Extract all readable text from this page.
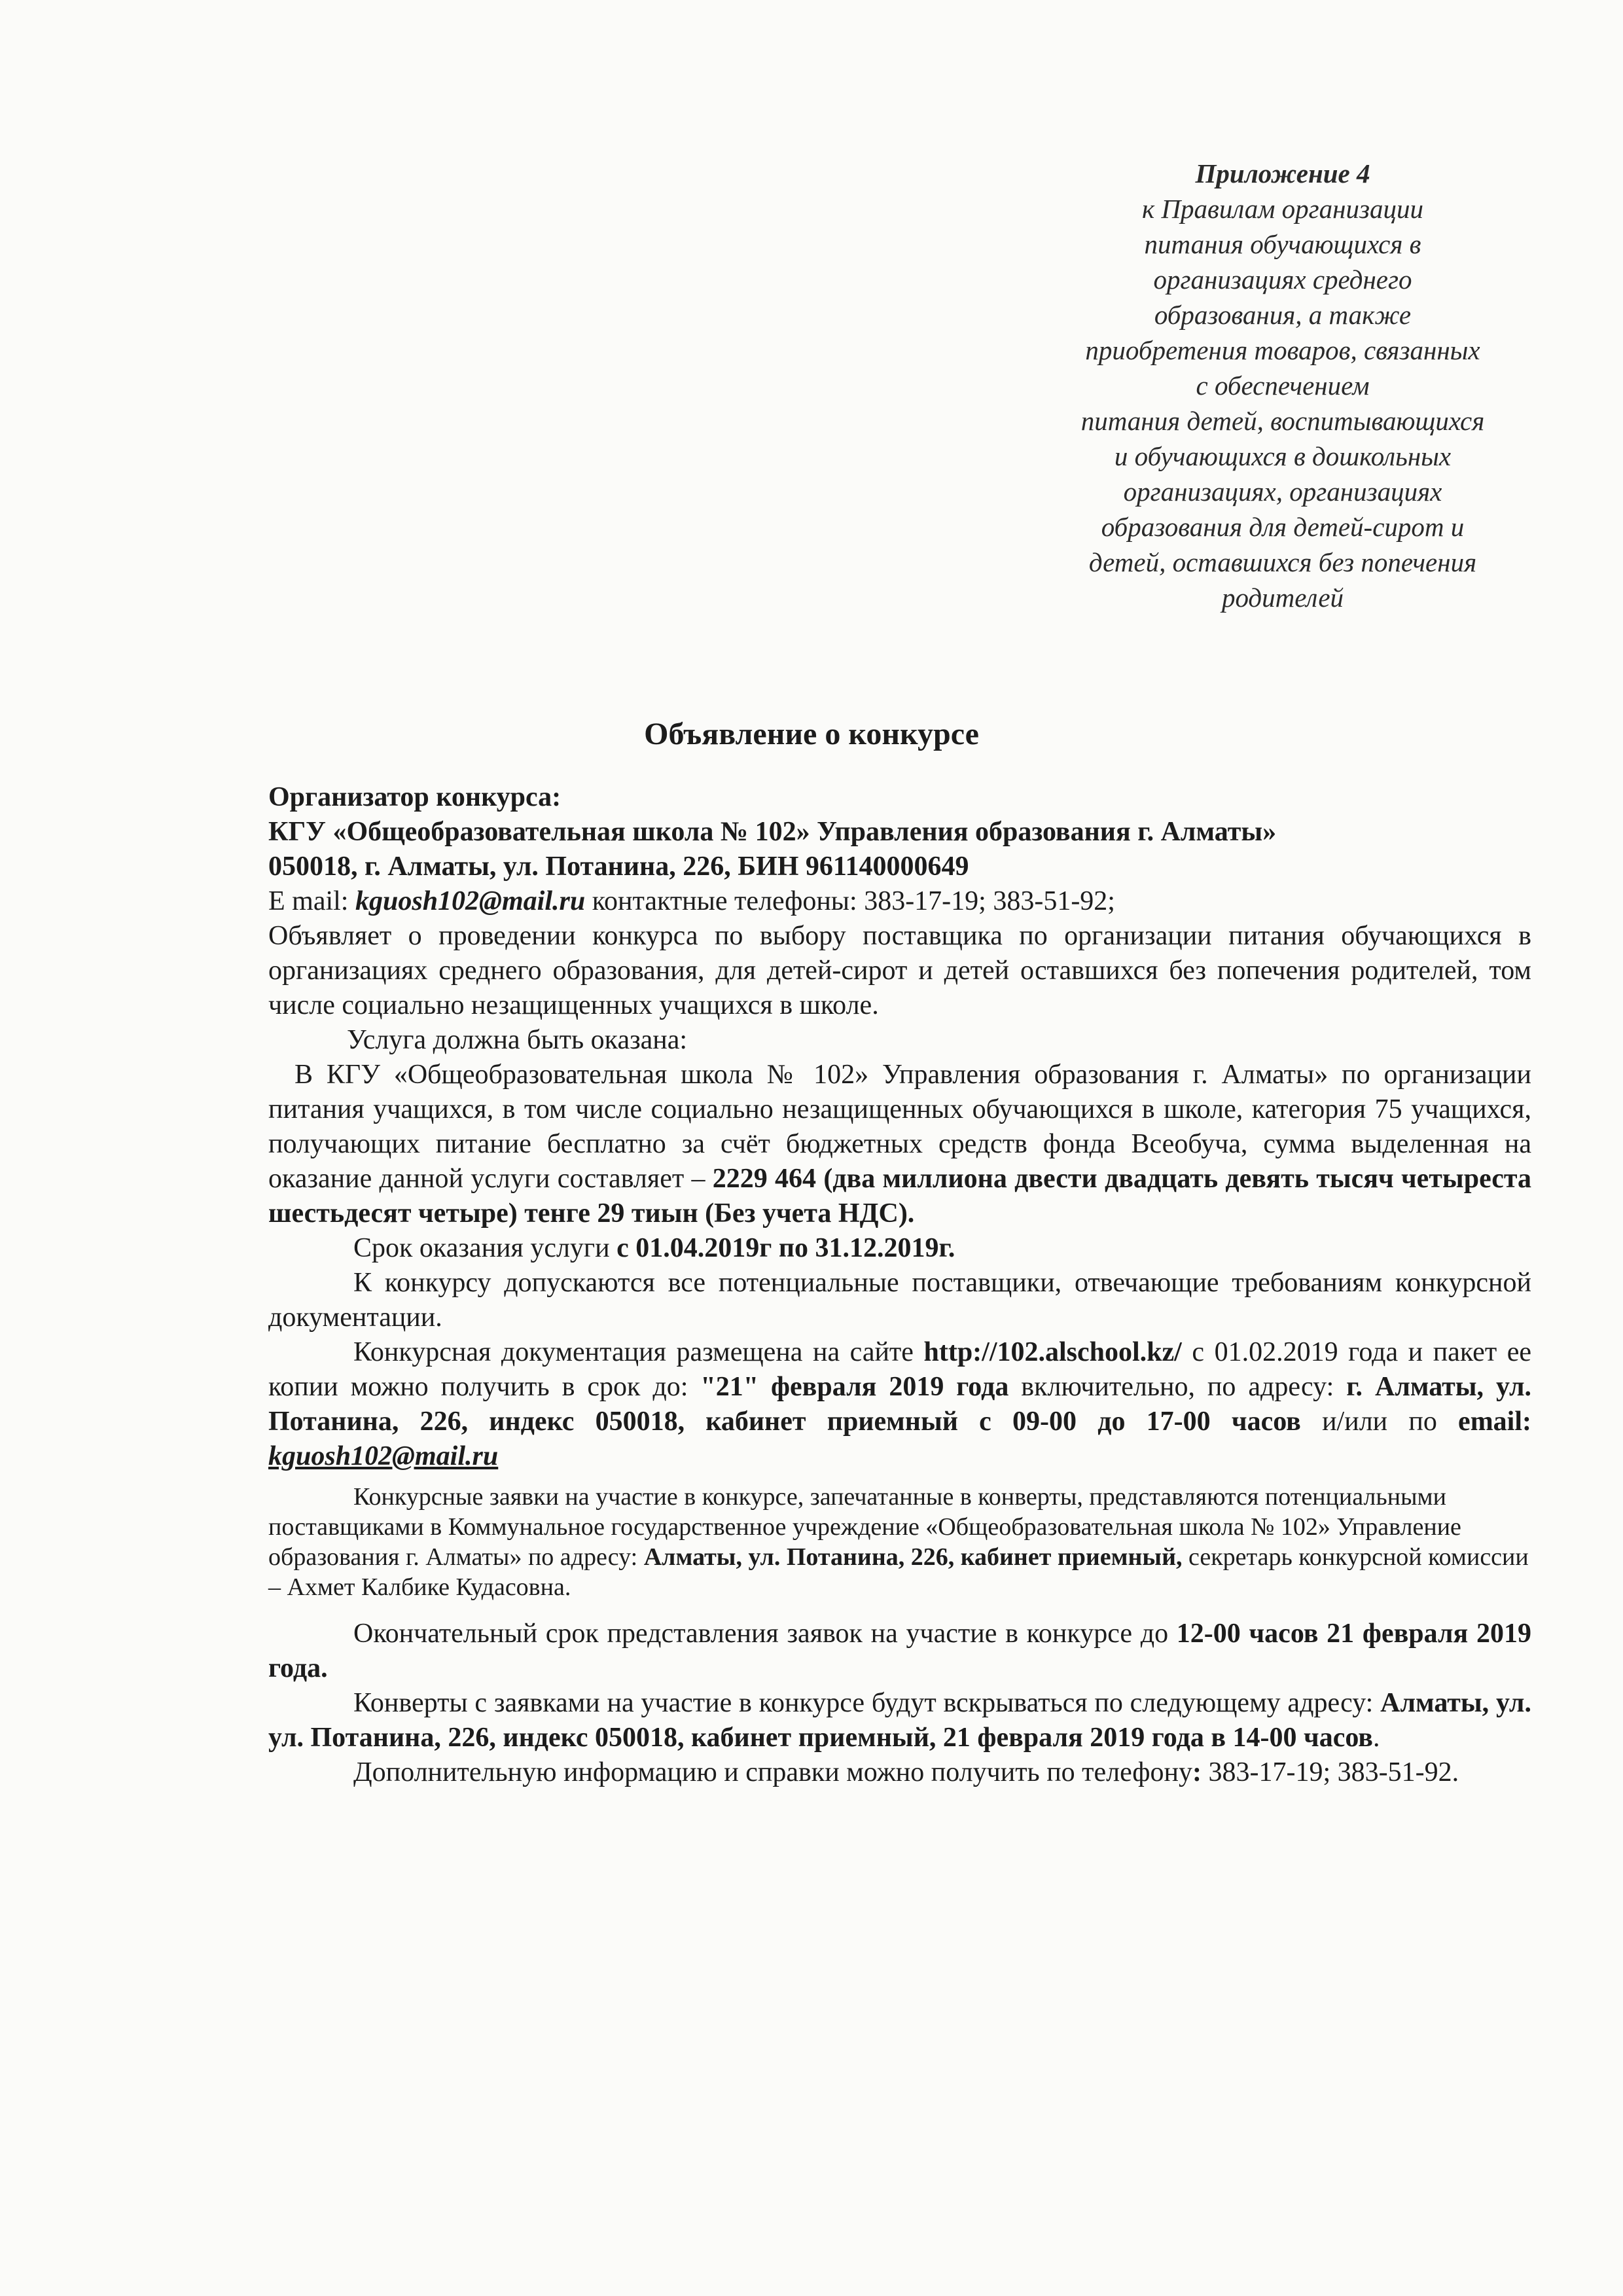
Приложение 4
к Правилам организации
питания обучающихся в
организациях среднего
образования, а также
приобретения товаров, связанных
с обеспечением
питания детей, воспитывающихся
и обучающихся в дошкольных
организациях, организациях
образования для детей-сирот и
детей, оставшихся без попечения
родителей
Объявление о конкурсе

Организатор конкурса:

КГУ «Общеобразовательная школа № 102» Управления образования г. Алматы»

050018, г. Алматы, ул. Потанина, 226, БИН 961140000649

E mail: kguosh102@mail.ru контактные телефоны: 383-17-19; 383-51-92;

Объявляет о проведении конкурса по выбору поставщика по организации питания обучающихся в организациях среднего образования, для детей-сирот и детей оставшихся без попечения родителей, том числе социально незащищенных учащихся в школе.

Услуга должна быть оказана:

В КГУ «Общеобразовательная школа № 102» Управления образования г. Алматы» по организации питания учащихся, в том числе социально незащищенных обучающихся в школе, категория 75 учащихся, получающих питание бесплатно за счёт бюджетных средств фонда Всеобуча, сумма выделенная на оказание данной услуги составляет – 2229 464 (два миллиона двести двадцать девять тысяч четыреста шестьдесят четыре) тенге 29 тиын (Без учета НДС).

Срок оказания услуги с 01.04.2019г по 31.12.2019г.

К конкурсу допускаются все потенциальные поставщики, отвечающие требованиям конкурсной документации.

Конкурсная документация размещена на сайте http://102.alschool.kz/ с 01.02.2019 года и пакет ее копии можно получить в срок до: "21" февраля 2019 года включительно, по адресу: г. Алматы, ул. Потанина, 226, индекс 050018, кабинет приемный с 09-00 до 17-00 часов и/или по email: kguosh102@mail.ru

Конкурсные заявки на участие в конкурсе, запечатанные в конверты, представляются потенциальными поставщиками в Коммунальное государственное учреждение «Общеобразовательная школа № 102» Управление образования г. Алматы» по адресу: Алматы, ул. Потанина, 226, кабинет приемный, секретарь конкурсной комиссии – Ахмет Калбике Кудасовна.

Окончательный срок представления заявок на участие в конкурсе до 12-00 часов 21 февраля 2019 года.

Конверты с заявками на участие в конкурсе будут вскрываться по следующему адресу: Алматы, ул. ул. Потанина, 226, индекс 050018, кабинет приемный, 21 февраля 2019 года в 14-00 часов.

Дополнительную информацию и справки можно получить по телефону: 383-17-19; 383-51-92.
